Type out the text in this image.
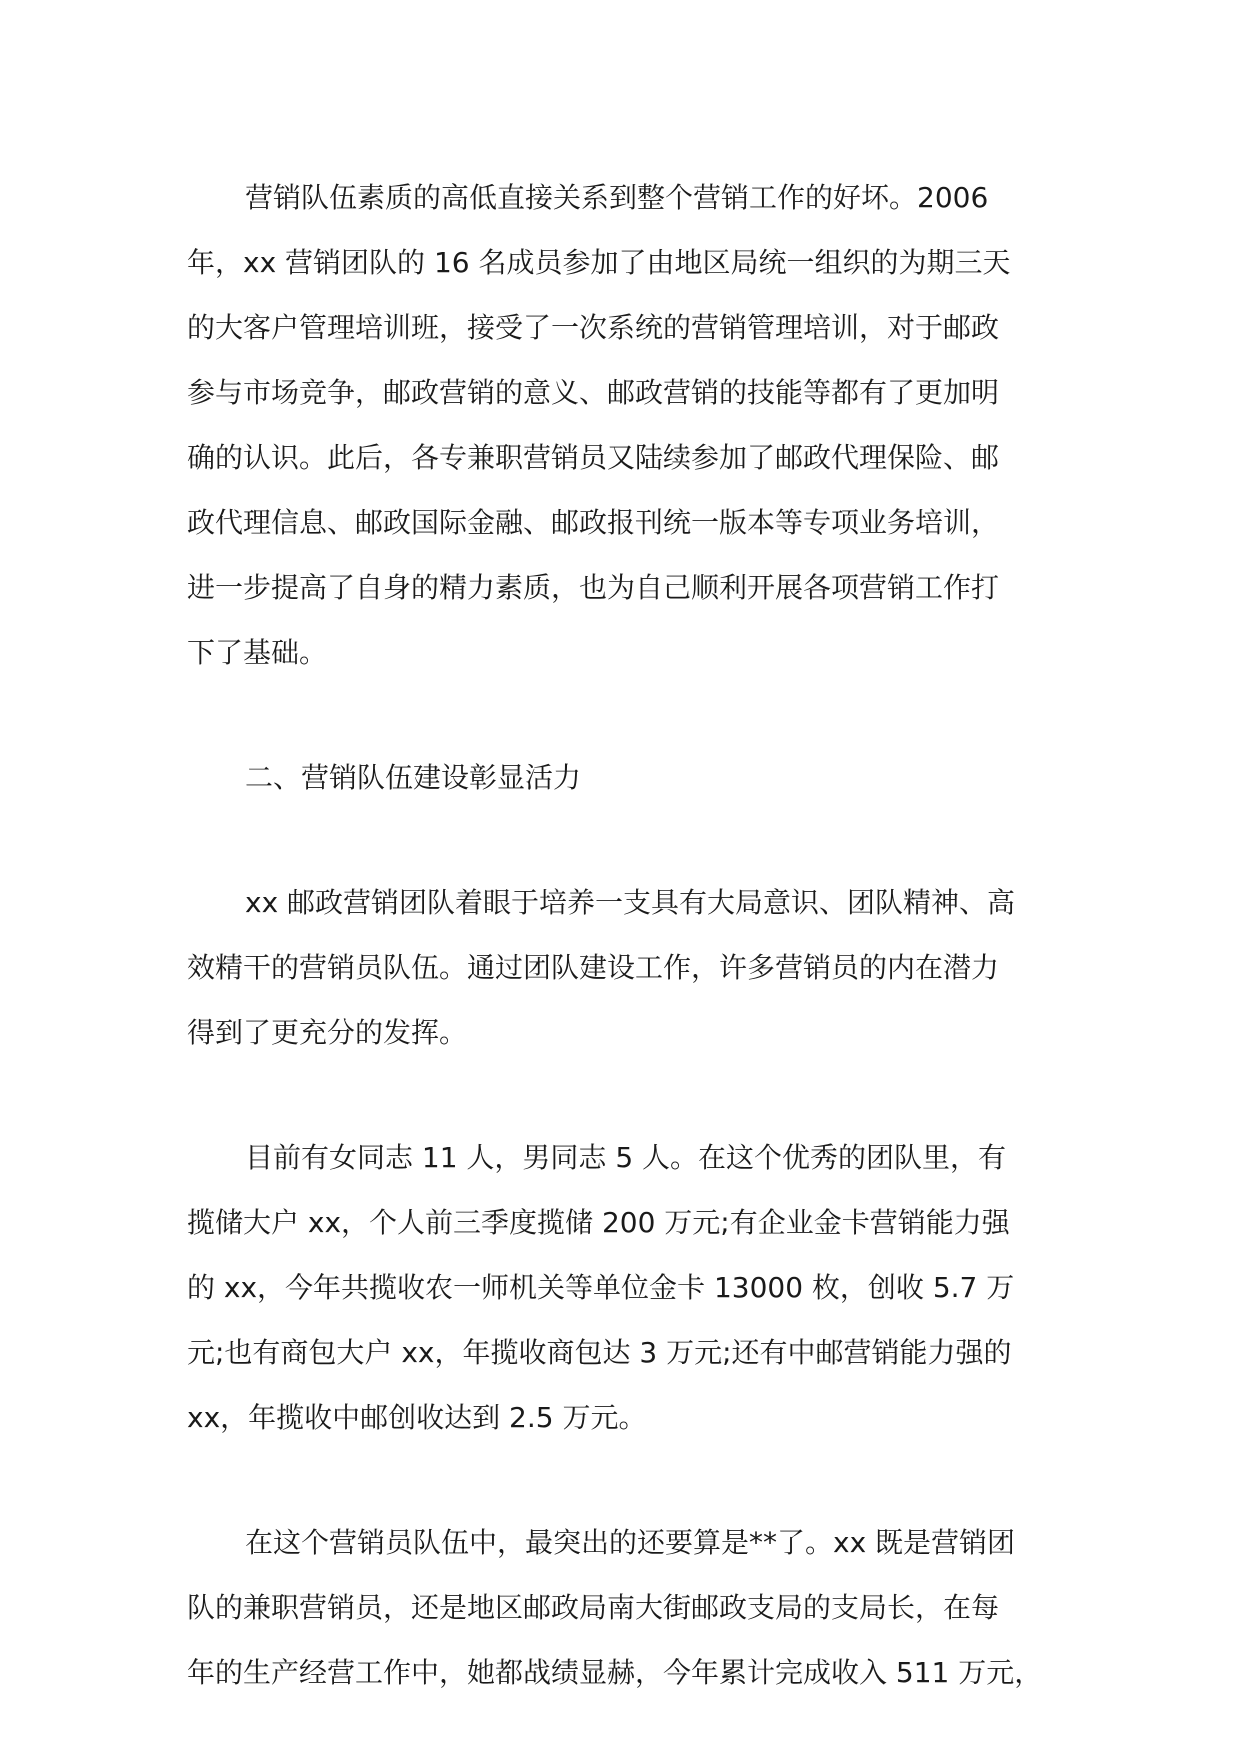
营销队伍素质的高低直接关系到整个营销工作的好坏。2006
年，xx 营销团队的 16 名成员参加了由地区局统一组织的为期三天
的大客户管理培训班，接受了一次系统的营销管理培训，对于邮政
参与市场竞争，邮政营销的意义、邮政营销的技能等都有了更加明
确的认识。此后，各专兼职营销员又陆续参加了邮政代理保险、邮
政代理信息、邮政国际金融、邮政报刊统一版本等专项业务培训，
进一步提高了自身的精力素质，也为自己顺利开展各项营销工作打
下了基础。
二、营销队伍建设彰显活力
xx 邮政营销团队着眼于培养一支具有大局意识、团队精神、高
效精干的营销员队伍。通过团队建设工作，许多营销员的内在潜力
得到了更充分的发挥。
目前有女同志 11 人，男同志 5 人。在这个优秀的团队里，有
揽储大户 xx，个人前三季度揽储 200 万元;有企业金卡营销能力强
的 xx，今年共揽收农一师机关等单位金卡 13000 枚，创收 5.7 万
元;也有商包大户 xx，年揽收商包达 3 万元;还有中邮营销能力强的
xx，年揽收中邮创收达到 2.5 万元。
在这个营销员队伍中，最突出的还要算是**了。xx 既是营销团
队的兼职营销员，还是地区邮政局南大街邮政支局的支局长，在每
年的生产经营工作中，她都战绩显赫，今年累计完成收入 511 万元，
